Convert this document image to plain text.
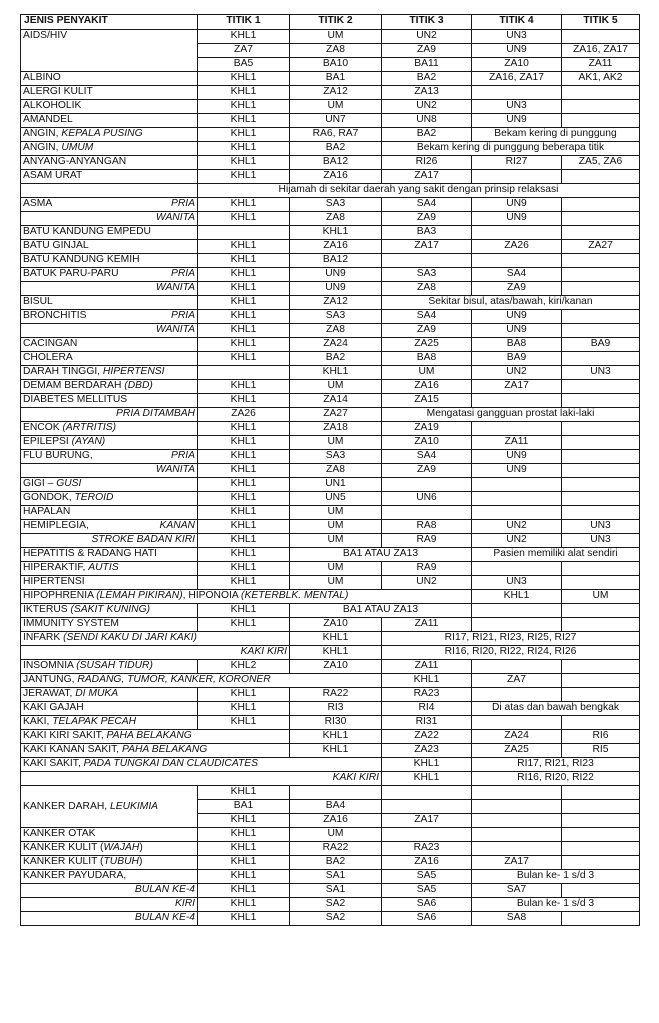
JENIS PENYAKIT	TITIK 1	TITIK 2	TITIK 3	TITIK 4	TITIK 5
AIDS/HIV	KHL1	UM	UN2	UN3	
	ZA7	ZA8	ZA9	UN9	ZA16, ZA17
	BA5	BA10	BA11	ZA10	ZA11
ALBINO	KHL1	BA1	BA2	ZA16, ZA17	AK1, AK2
ALERGI KULIT	KHL1	ZA12	ZA13		
ALKOHOLIK	KHL1	UM	UN2	UN3	
AMANDEL	KHL1	UN7	UN8	UN9	
ANGIN, KEPALA PUSING	KHL1	RA6, RA7	BA2	Bekam kering di punggung	
ANGIN, UMUM	KHL1	BA2	Bekam kering di punggung beberapa titik		
ANYANG-ANYANGAN	KHL1	BA12	RI26	RI27	ZA5, ZA6
ASAM URAT	KHL1	ZA16	ZA17		
	Hijamah di sekitar daerah yang sakit dengan prinsip relaksasi				

ASMA PRIA	KHL1	SA3	SA4	UN9	

WANITA	KHL1	ZA8	ZA9	UN9	
BATU KANDUNG EMPEDU		KHL1	BA3		
BATU GINJAL	KHL1	ZA16	ZA17	ZA26	ZA27
BATU KANDUNG KEMIH	KHL1	BA12			

BATUK PARU-PARU PRIA	KHL1	UN9	SA3	SA4	

WANITA	KHL1	UN9	ZA8	ZA9	
BISUL	KHL1	ZA12	Sekitar bisul, atas/bawah, kiri/kanan		

BRONCHITIS PRIA	KHL1	SA3	SA4	UN9	

WANITA	KHL1	ZA8	ZA9	UN9	
CACINGAN	KHL1	ZA24	ZA25	BA8	BA9
CHOLERA	KHL1	BA2	BA8	BA9	
DARAH TINGGI, HIPERTENSI		KHL1	UM	UN2	UN3
DEMAM BERDARAH (DBD)	KHL1	UM	ZA16	ZA17	
DIABETES MELLITUS	KHL1	ZA14	ZA15		

PRIA DITAMBAH	ZA26	ZA27	Mengatasi gangguan prostat laki-laki		
ENCOK (ARTRITIS)	KHL1	ZA18	ZA19		
EPILEPSI (AYAN)	KHL1	UM	ZA10	ZA11	

FLU BURUNG, PRIA	KHL1	SA3	SA4	UN9	

WANITA	KHL1	ZA8	ZA9	UN9	
GIGI – GUSI	KHL1	UN1			
GONDOK, TEROID	KHL1	UN5	UN6		
HAPALAN	KHL1	UM			

HEMIPLEGIA, KANAN	KHL1	UM	RA8	UN2	UN3

STROKE BADAN KIRI	KHL1	UM	RA9	UN2	UN3
HEPATITIS & RADANG HATI	KHL1	BA1 ATAU ZA13		Pasien memiliki alat sendiri	
HIPERAKTIF, AUTIS	KHL1	UM	RA9		
HIPERTENSI	KHL1	UM	UN2	UN3	
HIPOPHRENIA (LEMAH PIKIRAN), HIPONOIA (KETERBLK. MENTAL)				KHL1	UM
IKTERUS (SAKIT KUNING)	KHL1	BA1 ATAU ZA13			
IMMUNITY SYSTEM	KHL1	ZA10	ZA11		
INFARK (SENDI KAKU DI JARI KAKI)		KHL1	RI17, RI21, RI23, RI25, RI27		

KAKI KIRI		KHL1	RI16, RI20, RI22, RI24, RI26		
INSOMNIA (SUSAH TIDUR)	KHL2	ZA10	ZA11		
JANTUNG, RADANG, TUMOR, KANKER, KORONER			KHL1	ZA7	
JERAWAT, DI MUKA	KHL1	RA22	RA23		
KAKI GAJAH	KHL1	RI3	RI4	Di atas dan bawah bengkak	
KAKI, TELAPAK PECAH	KHL1	RI30	RI31		
KAKI KIRI SAKIT, PAHA BELAKANG		KHL1	ZA22	ZA24	RI6
KAKI KANAN SAKIT, PAHA BELAKANG		KHL1	ZA23	ZA25	RI5
KAKI SAKIT, PADA TUNGKAI DAN CLAUDICATES			KHL1	RI17, RI21, RI23	

KAKI KIRI			KHL1	RI16, RI20, RI22	
KANKER DARAH, LEUKIMIA	KHL1				
	BA1	BA4			
	KHL1	ZA16	ZA17		
KANKER OTAK	KHL1	UM			
KANKER KULIT (WAJAH)	KHL1	RA22	RA23		
KANKER KULIT (TUBUH)	KHL1	BA2	ZA16	ZA17	
KANKER PAYUDARA,	KHL1	SA1	SA5	Bulan ke- 1 s/d 3	

BULAN KE-4	KHL1	SA1	SA5	SA7	

KIRI	KHL1	SA2	SA6	Bulan ke- 1 s/d 3	

BULAN KE-4	KHL1	SA2	SA6	SA8	
